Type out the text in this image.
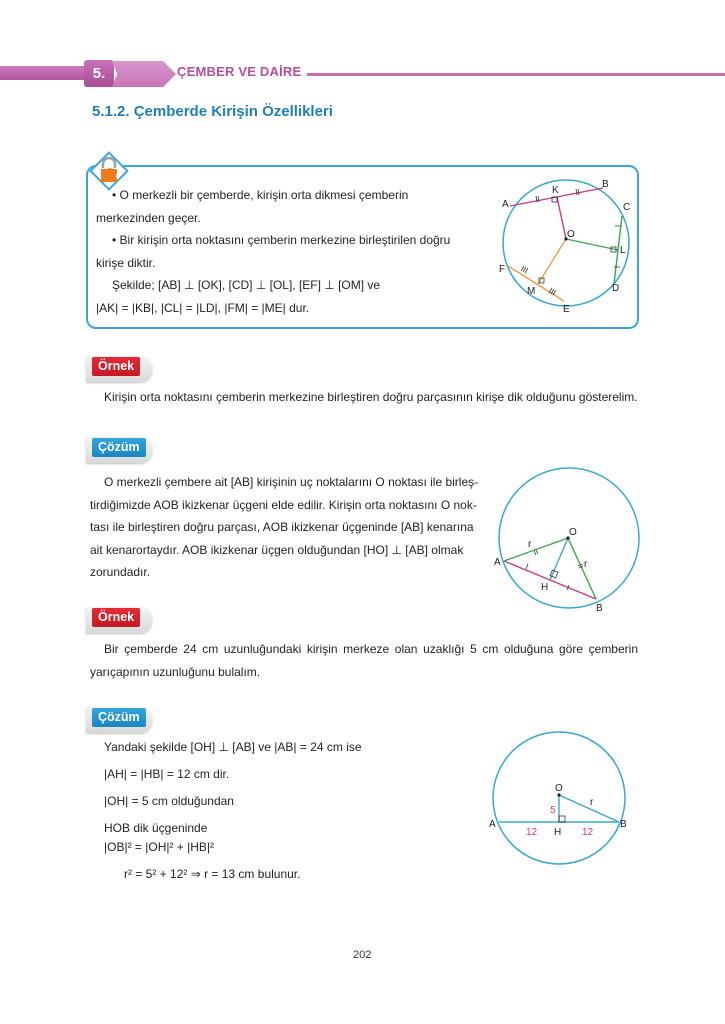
5.	ÇEMBER VE DAİRE
5.1.2. Çemberde Kirişin Özellikleri

• O merkezli bir çemberde, kirişin orta dikmesi çemberin

merkezinden geçer.

• Bir kirişin orta noktasını çemberin merkezine birleştirilen doğru

kirişe diktir.

Şekilde; [AB] ⊥ [OK], [CD] ⊥ [OL], [EF] ⊥ [OM] ve

|AK| = |KB|, |CL| = |LD|, |FM| = |ME| dur.

A
B
C
D
E
F
K
L
M
O
Örnek
Kirişin orta noktasını çemberin merkezine birleştiren doğru parçasının kirişe dik olduğunu gösterelim.
Çözüm
O merkezli çembere ait [AB] kirişinin uç noktalarını O noktası ile birleş-
tirdiğimizde AOB ikizkenar üçgeni elde edilir. Kirişin orta noktasını O nok-
tası ile birleştiren doğru parçası, AOB ikizkenar üçgeninde [AB] kenarına
ait kenarortaydır. AOB ikizkenar üçgen olduğundan [HO] ⊥ [AB] olmak
zorundadır.
A
B
O
H
r
r
Örnek
Bir çemberde 24 cm uzunluğundaki kirişin merkeze olan uzaklığı 5 cm olduğuna göre çemberin
yarıçapının uzunluğunu bulalım.
Çözüm
Yandaki şekilde [OH] ⊥ [AB] ve |AB| = 24 cm ise
|AH| = |HB| = 12 cm dir.
|OH| = 5 cm olduğundan
HOB dik üçgeninde
|OB|² = |OH|² + |HB|²
r² = 5² + 12² ⇒ r = 13 cm bulunur.
A	B
O
H
r
5
12	12
202
